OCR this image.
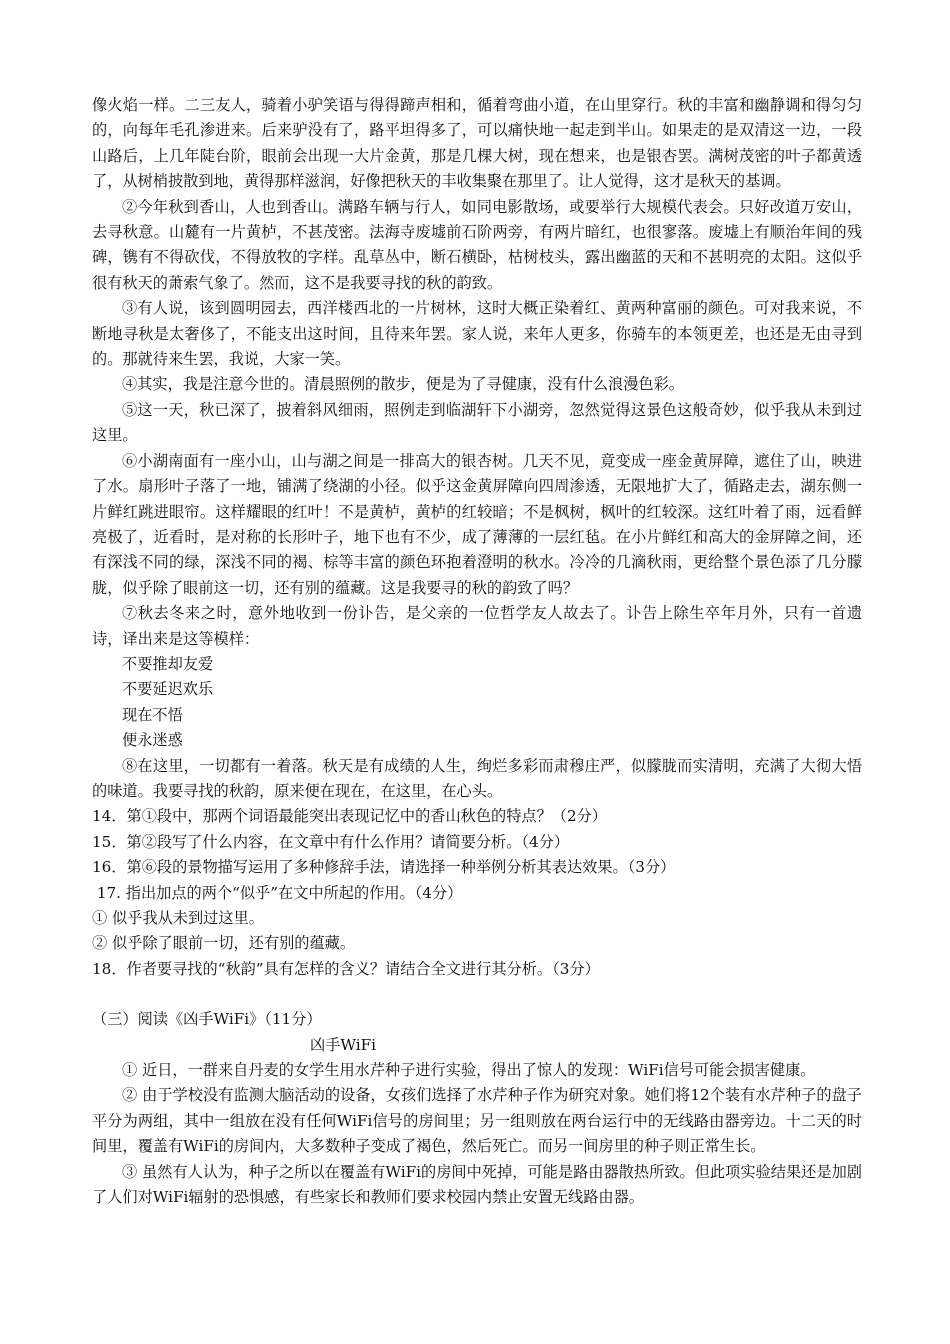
像火焰一样。二三友人，骑着小驴笑语与得得蹄声相和，循着弯曲小道，在山里穿行。秋的丰富和幽静调和得匀匀的，向每年毛孔渗进来。后来驴没有了，路平坦得多了，可以痛快地一起走到半山。如果走的是双清这一边，一段山路后，上几年陡台阶，眼前会出现一大片金黄，那是几棵大树，现在想来，也是银杏罢。满树茂密的叶子都黄透了，从树梢披散到地，黄得那样滋润，好像把秋天的丰收集聚在那里了。让人觉得，这才是秋天的基调。

②今年秋到香山，人也到香山。满路车辆与行人，如同电影散场，或要举行大规模代表会。只好改道万安山，去寻秋意。山麓有一片黄栌，不甚茂密。法海寺废墟前石阶两旁，有两片暗红，也很寥落。废墟上有顺治年间的残碑，镌有不得砍伐，不得放牧的字样。乱草丛中，断石横卧，枯树枝头，露出幽蓝的天和不甚明亮的太阳。这似乎很有秋天的萧索气象了。然而，这不是我要寻找的秋的韵致。

③有人说，该到圆明园去，西洋楼西北的一片树林，这时大概正染着红、黄两种富丽的颜色。可对我来说，不断地寻秋是太奢侈了，不能支出这时间，且待来年罢。家人说，来年人更多，你骑车的本领更差，也还是无由寻到的。那就待来生罢，我说，大家一笑。

④其实，我是注意今世的。清晨照例的散步，便是为了寻健康，没有什么浪漫色彩。

⑤这一天，秋已深了，披着斜风细雨，照例走到临湖轩下小湖旁，忽然觉得这景色这般奇妙，似乎我从未到过这里。

⑥小湖南面有一座小山，山与湖之间是一排高大的银杏树。几天不见，竟变成一座金黄屏障，遮住了山，映进了水。扇形叶子落了一地，铺满了绕湖的小径。似乎这金黄屏障向四周渗透，无限地扩大了，循路走去，湖东侧一片鲜红跳进眼帘。这样耀眼的红叶！不是黄栌，黄栌的红较暗；不是枫树，枫叶的红较深。这红叶着了雨，远看鲜亮极了，近看时，是对称的长形叶子，地下也有不少，成了薄薄的一层红毡。在小片鲜红和高大的金屏障之间，还有深浅不同的绿，深浅不同的褐、棕等丰富的颜色环抱着澄明的秋水。冷冷的几滴秋雨，更给整个景色添了几分朦胧，似乎除了眼前这一切，还有别的蕴藏。这是我要寻的秋的韵致了吗？

⑦秋去冬来之时，意外地收到一份讣告，是父亲的一位哲学友人故去了。讣告上除生卒年月外，只有一首遗诗，译出来是这等模样：

不要推却友爱

不要延迟欢乐

现在不悟

便永迷惑

⑧在这里，一切都有一着落。秋天是有成绩的人生，绚烂多彩而肃穆庄严，似朦胧而实清明，充满了大彻大悟的味道。我要寻找的秋韵，原来便在现在，在这里，在心头。

14．第①段中，那两个词语最能突出表现记忆中的香山秋色的特点？（2分）

15．第②段写了什么内容，在文章中有什么作用？请简要分析。（4分）

16．第⑥段的景物描写运用了多种修辞手法，请选择一种举例分析其表达效果。（3分）

17. 指出加点的两个“似乎”在文中所起的作用。（4分）

① 似乎我从未到过这里。

② 似乎除了眼前一切，还有别的蕴藏。

18．作者要寻找的“秋韵”具有怎样的含义？请结合全文进行其分析。（3分）

（三）阅读《凶手WiFi》（11分）

凶手WiFi

① 近日，一群来自丹麦的女学生用水芹种子进行实验，得出了惊人的发现：WiFi信号可能会损害健康。

② 由于学校没有监测大脑活动的设备，女孩们选择了水芹种子作为研究对象。她们将12个装有水芹种子的盘子平分为两组，其中一组放在没有任何WiFi信号的房间里；另一组则放在两台运行中的无线路由器旁边。十二天的时间里，覆盖有WiFi的房间内，大多数种子变成了褐色，然后死亡。而另一间房里的种子则正常生长。

③ 虽然有人认为，种子之所以在覆盖有WiFi的房间中死掉，可能是路由器散热所致。但此项实验结果还是加剧了人们对WiFi辐射的恐惧感，有些家长和教师们要求校园内禁止安置无线路由器。
